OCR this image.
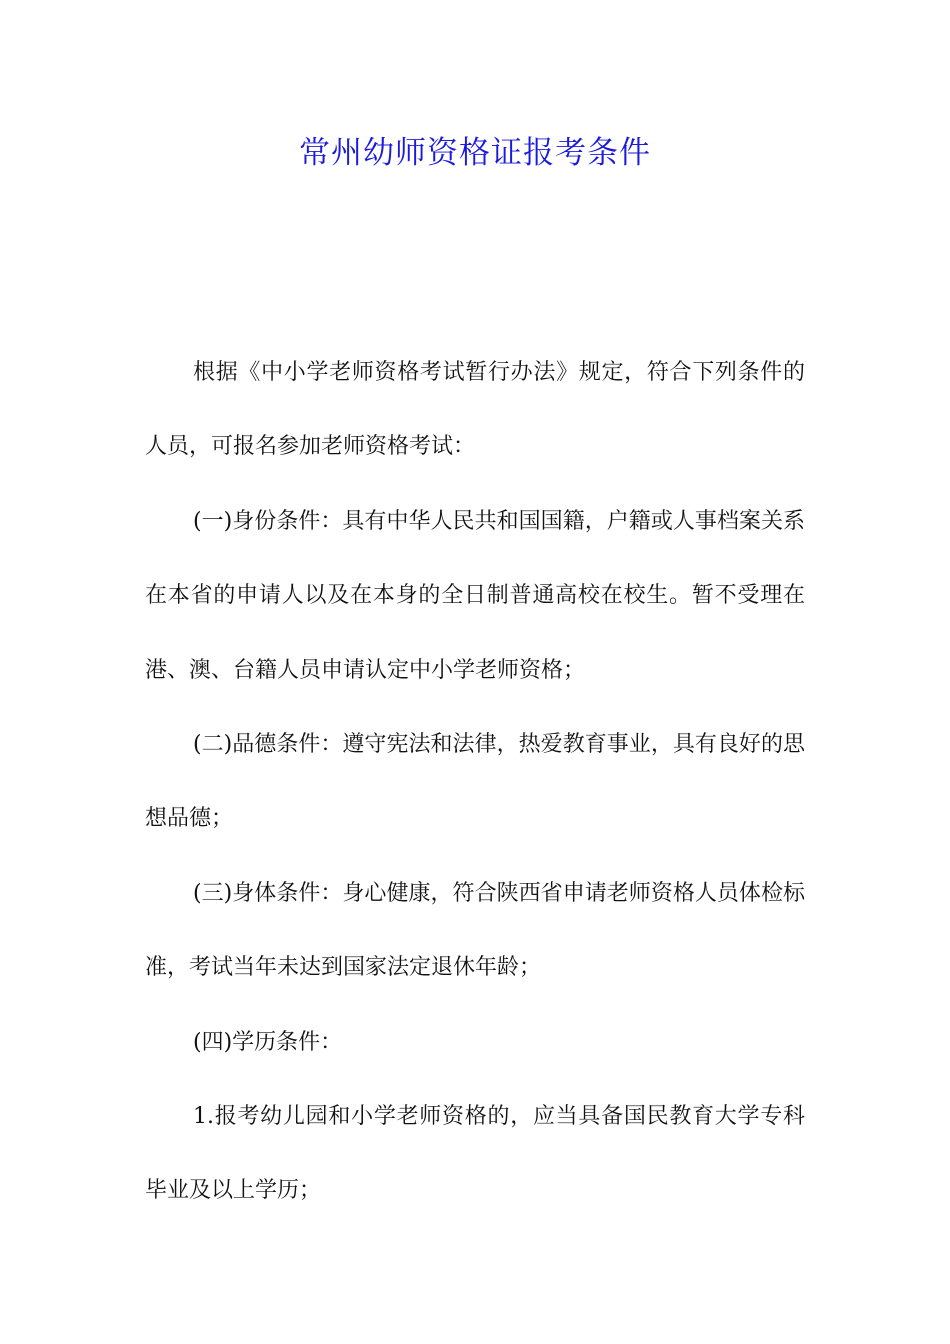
常州幼师资格证报考条件

根据《中小学老师资格考试暂行办法》规定，符合下列条件的人员，可报名参加老师资格考试：

(一)身份条件：具有中华人民共和国国籍，户籍或人事档案关系在本省的申请人以及在本身的全日制普通高校在校生。暂不受理在港、澳、台籍人员申请认定中小学老师资格；

(二)品德条件：遵守宪法和法律，热爱教育事业，具有良好的思想品德；

(三)身体条件：身心健康，符合陕西省申请老师资格人员体检标准，考试当年未达到国家法定退休年龄；

(四)学历条件：

1.报考幼儿园和小学老师资格的，应当具备国民教育大学专科毕业及以上学历；
